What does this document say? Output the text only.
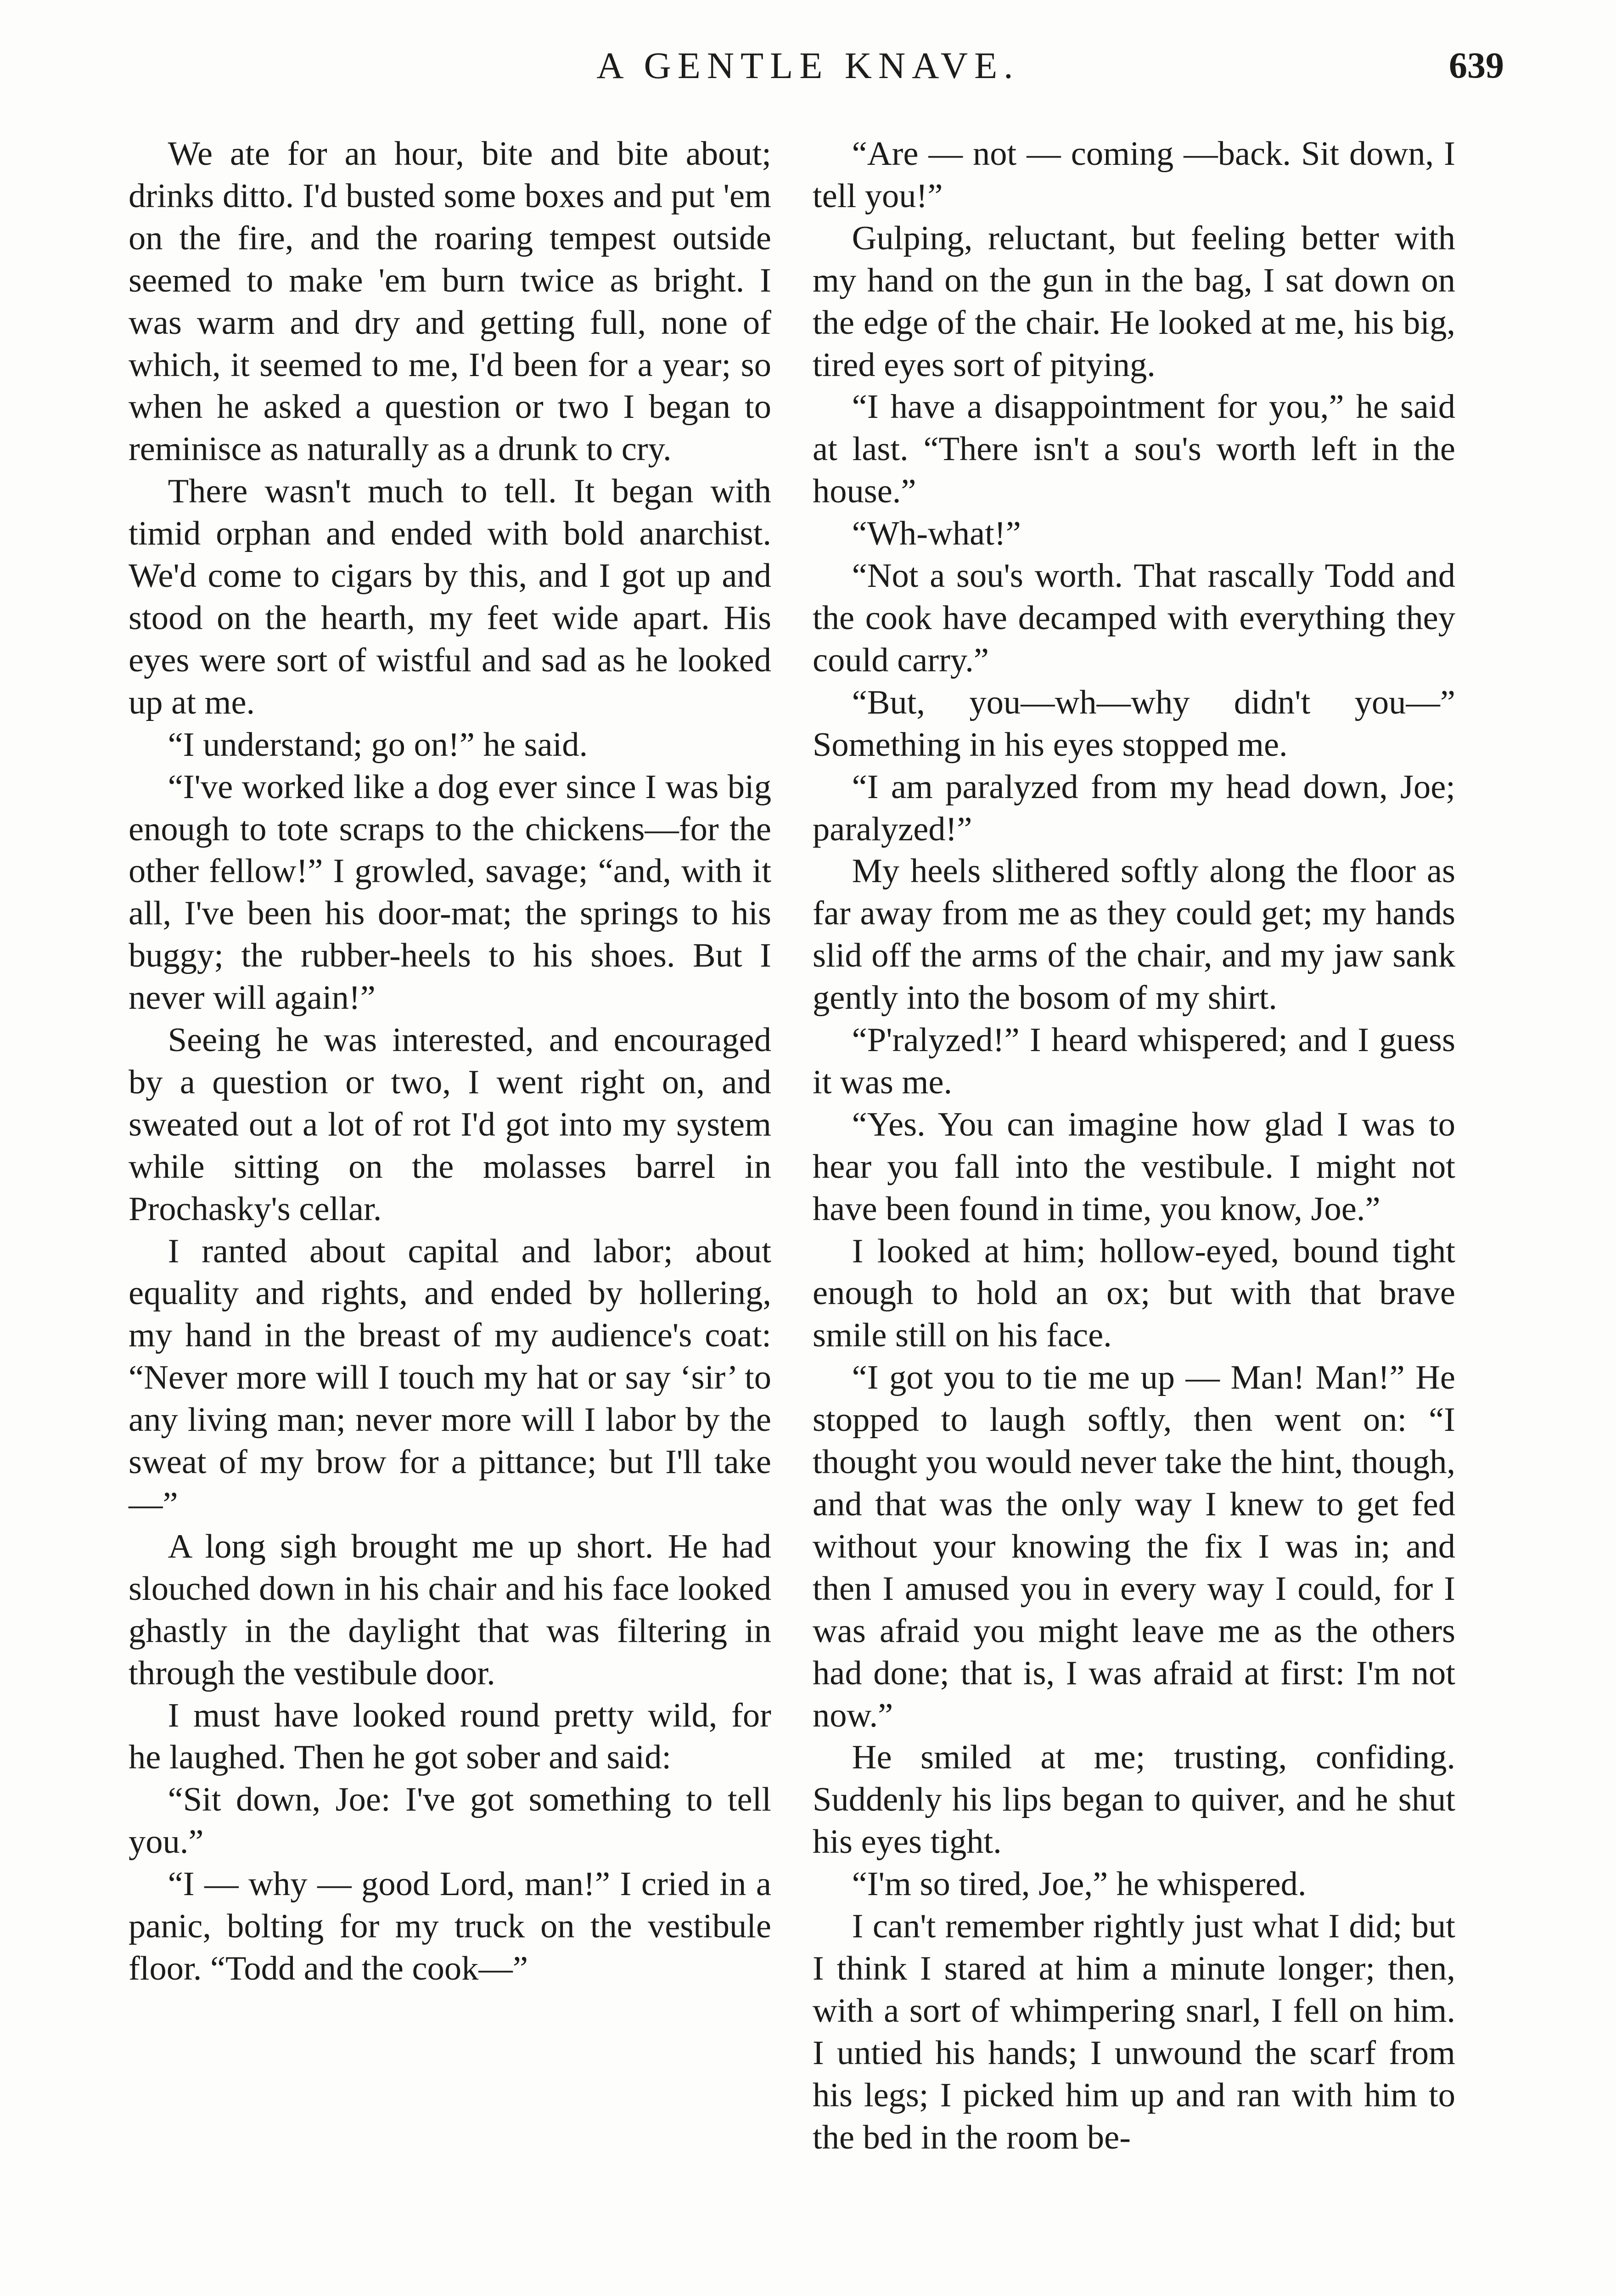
A GENTLE KNAVE.	639

We ate for an hour, bite and bite about; drinks ditto. I'd busted some boxes and put 'em on the fire, and the roaring tempest outside seemed to make 'em burn twice as bright. I was warm and dry and getting full, none of which, it seemed to me, I'd been for a year; so when he asked a question or two I began to reminisce as naturally as a drunk to cry.

There wasn't much to tell. It began with timid orphan and ended with bold anarchist. We'd come to cigars by this, and I got up and stood on the hearth, my feet wide apart. His eyes were sort of wistful and sad as he looked up at me.

“I understand; go on!” he said.

“I've worked like a dog ever since I was big enough to tote scraps to the chickens—for the other fellow!” I growled, savage; “and, with it all, I've been his door-mat; the springs to his buggy; the rubber-heels to his shoes. But I never will again!”

Seeing he was interested, and encouraged by a question or two, I went right on, and sweated out a lot of rot I'd got into my system while sitting on the molasses barrel in Prochasky's cellar.

I ranted about capital and labor; about equality and rights, and ended by hollering, my hand in the breast of my audience's coat: “Never more will I touch my hat or say ‘sir’ to any living man; never more will I labor by the sweat of my brow for a pittance; but I'll take—”

A long sigh brought me up short. He had slouched down in his chair and his face looked ghastly in the daylight that was filtering in through the vestibule door.

I must have looked round pretty wild, for he laughed. Then he got sober and said:

“Sit down, Joe: I've got something to tell you.”

“I — why — good Lord, man!” I cried in a panic, bolting for my truck on the vestibule floor. “Todd and the cook—”

“Are — not — coming —back. Sit down, I tell you!”

Gulping, reluctant, but feeling better with my hand on the gun in the bag, I sat down on the edge of the chair. He looked at me, his big, tired eyes sort of pitying.

“I have a disappointment for you,” he said at last. “There isn't a sou's worth left in the house.”

“Wh-what!”

“Not a sou's worth. That rascally Todd and the cook have decamped with everything they could carry.”

“But, you—wh—why didn't you—” Something in his eyes stopped me.

“I am paralyzed from my head down, Joe; paralyzed!”

My heels slithered softly along the floor as far away from me as they could get; my hands slid off the arms of the chair, and my jaw sank gently into the bosom of my shirt.

“P'ralyzed!” I heard whispered; and I guess it was me.

“Yes. You can imagine how glad I was to hear you fall into the vestibule. I might not have been found in time, you know, Joe.”

I looked at him; hollow-eyed, bound tight enough to hold an ox; but with that brave smile still on his face.

“I got you to tie me up — Man! Man!” He stopped to laugh softly, then went on: “I thought you would never take the hint, though, and that was the only way I knew to get fed without your knowing the fix I was in; and then I amused you in every way I could, for I was afraid you might leave me as the others had done; that is, I was afraid at first: I'm not now.”

He smiled at me; trusting, confiding. Suddenly his lips began to quiver, and he shut his eyes tight.

“I'm so tired, Joe,” he whispered.

I can't remember rightly just what I did; but I think I stared at him a minute longer; then, with a sort of whimpering snarl, I fell on him. I untied his hands; I unwound the scarf from his legs; I picked him up and ran with him to the bed in the room be-
